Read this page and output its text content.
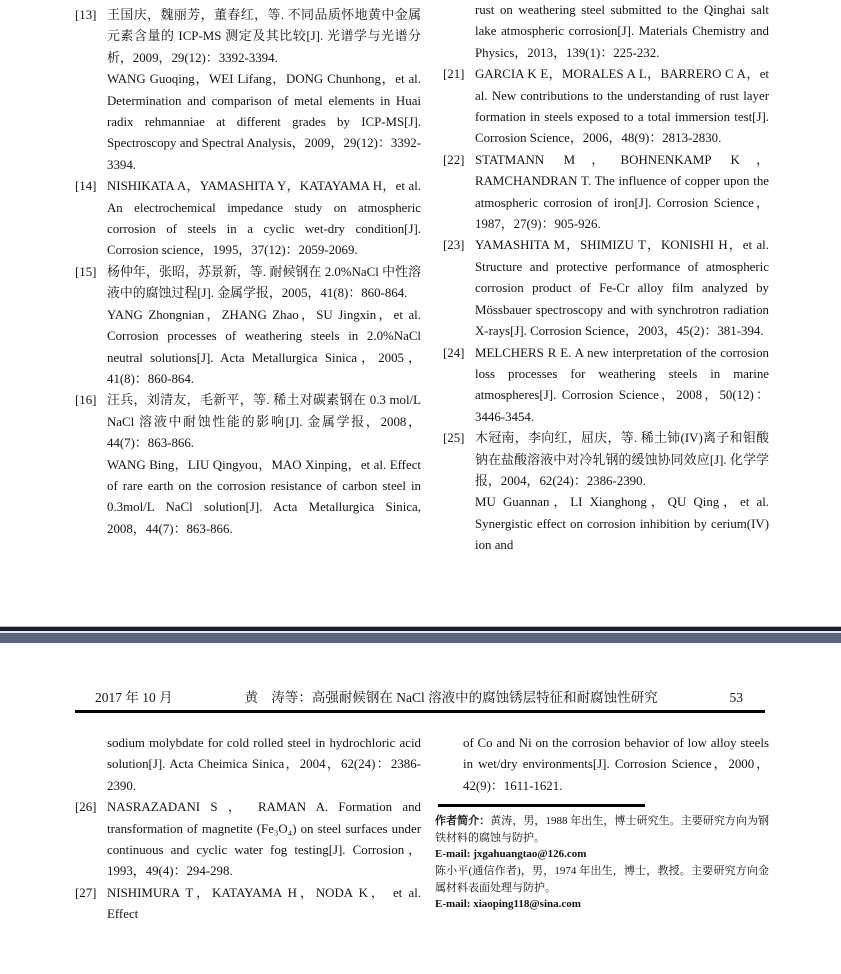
[13] 王国庆，魏丽芳，董春红，等. 不同品质怀地黄中金属元素含量的 ICP-MS 测定及其比较[J]. 光谱学与光谱分析，2009，29(12)：3392-3394.

WANG Guoqing，WEI Lifang，DONG Chunhong，et al. Determination and comparison of metal elements in Huai radix rehmanniae at different grades by ICP-MS[J]. Spectroscopy and Spectral Analysis，2009，29(12)：3392-3394.

[14] NISHIKATA A，YAMASHITA Y，KATAYAMA H，et al. An electrochemical impedance study on atmospheric corrosion of steels in a cyclic wet-dry condition[J]. Corrosion science，1995，37(12)：2059-2069.

[15] 杨仲年，张昭，苏景新，等. 耐候钢在 2.0%NaCl 中性溶液中的腐蚀过程[J]. 金属学报，2005，41(8)：860-864.

YANG Zhongnian，ZHANG Zhao，SU Jingxin，et al. Corrosion processes of weathering steels in 2.0%NaCl neutral solutions[J]. Acta Metallurgica Sinica，2005，41(8)：860-864.

[16] 汪兵，刘清友，毛新平，等. 稀土对碳素钢在 0.3 mol/L NaCl 溶液中耐蚀性能的影响[J]. 金属学报，2008，44(7)：863-866.

WANG Bing，LIU Qingyou，MAO Xinping，et al. Effect of rare earth on the corrosion resistance of carbon steel in 0.3mol/L NaCl solution[J]. Acta Metallurgica Sinica, 2008，44(7)：863-866.

rust on weathering steel submitted to the Qinghai salt lake atmospheric corrosion[J]. Materials Chemistry and Physics，2013，139(1)：225-232.

[21] GARCIA K E，MORALES A L，BARRERO C A，et al. New contributions to the understanding of rust layer formation in steels exposed to a total immersion test[J]. Corrosion Science，2006，48(9)：2813-2830.

[22] STATMANN M，BOHNENKAMP K，RAMCHANDRAN T. The influence of copper upon the atmospheric corrosion of iron[J]. Corrosion Science，1987，27(9)：905-926.

[23] YAMASHITA M，SHIMIZU T，KONISHI H，et al. Structure and protective performance of atmospheric corrosion product of Fe-Cr alloy film analyzed by Mössbauer spectroscopy and with synchrotron radiation X-rays[J]. Corrosion Science，2003，45(2)：381-394.

[24] MELCHERS R E. A new interpretation of the corrosion loss processes for weathering steels in marine atmospheres[J]. Corrosion Science，2008，50(12)：3446-3454.

[25] 木冠南，李向红，屈庆，等. 稀土铈(IV)离子和钼酸钠在盐酸溶液中对冷轧钢的缓蚀协同效应[J]. 化学学报，2004，62(24)：2386-2390.

MU Guannan，LI Xianghong，QU Qing，et al. Synergistic effect on corrosion inhibition by cerium(IV) ion and

2017 年 10 月	黄　涛等：高强耐候钢在 NaCl 溶液中的腐蚀锈层特征和耐腐蚀性研究	53

sodium molybdate for cold rolled steel in hydrochloric acid solution[J]. Acta Cheimica Sinica，2004，62(24)：2386-2390.

[26] NASRAZADANI S ， RAMAN A. Formation and transformation of magnetite (Fe₃O₄) on steel surfaces under continuous and cyclic water fog testing[J]. Corrosion，1993，49(4)：294-298.

[27] NISHIMURA T，KATAYAMA H，NODA K， et al. Effect

of Co and Ni on the corrosion behavior of low alloy steels in wet/dry environments[J]. Corrosion Science，2000，42(9)：1611-1621.

作者简介：黄涛，男，1988 年出生，博士研究生。主要研究方向为钢铁材料的腐蚀与防护。

E-mail: jxgahuangtao@126.com

陈小平(通信作者)，男，1974 年出生，博士，教授。主要研究方向金属材料表面处理与防护。

E-mail: xiaoping118@sina.com
